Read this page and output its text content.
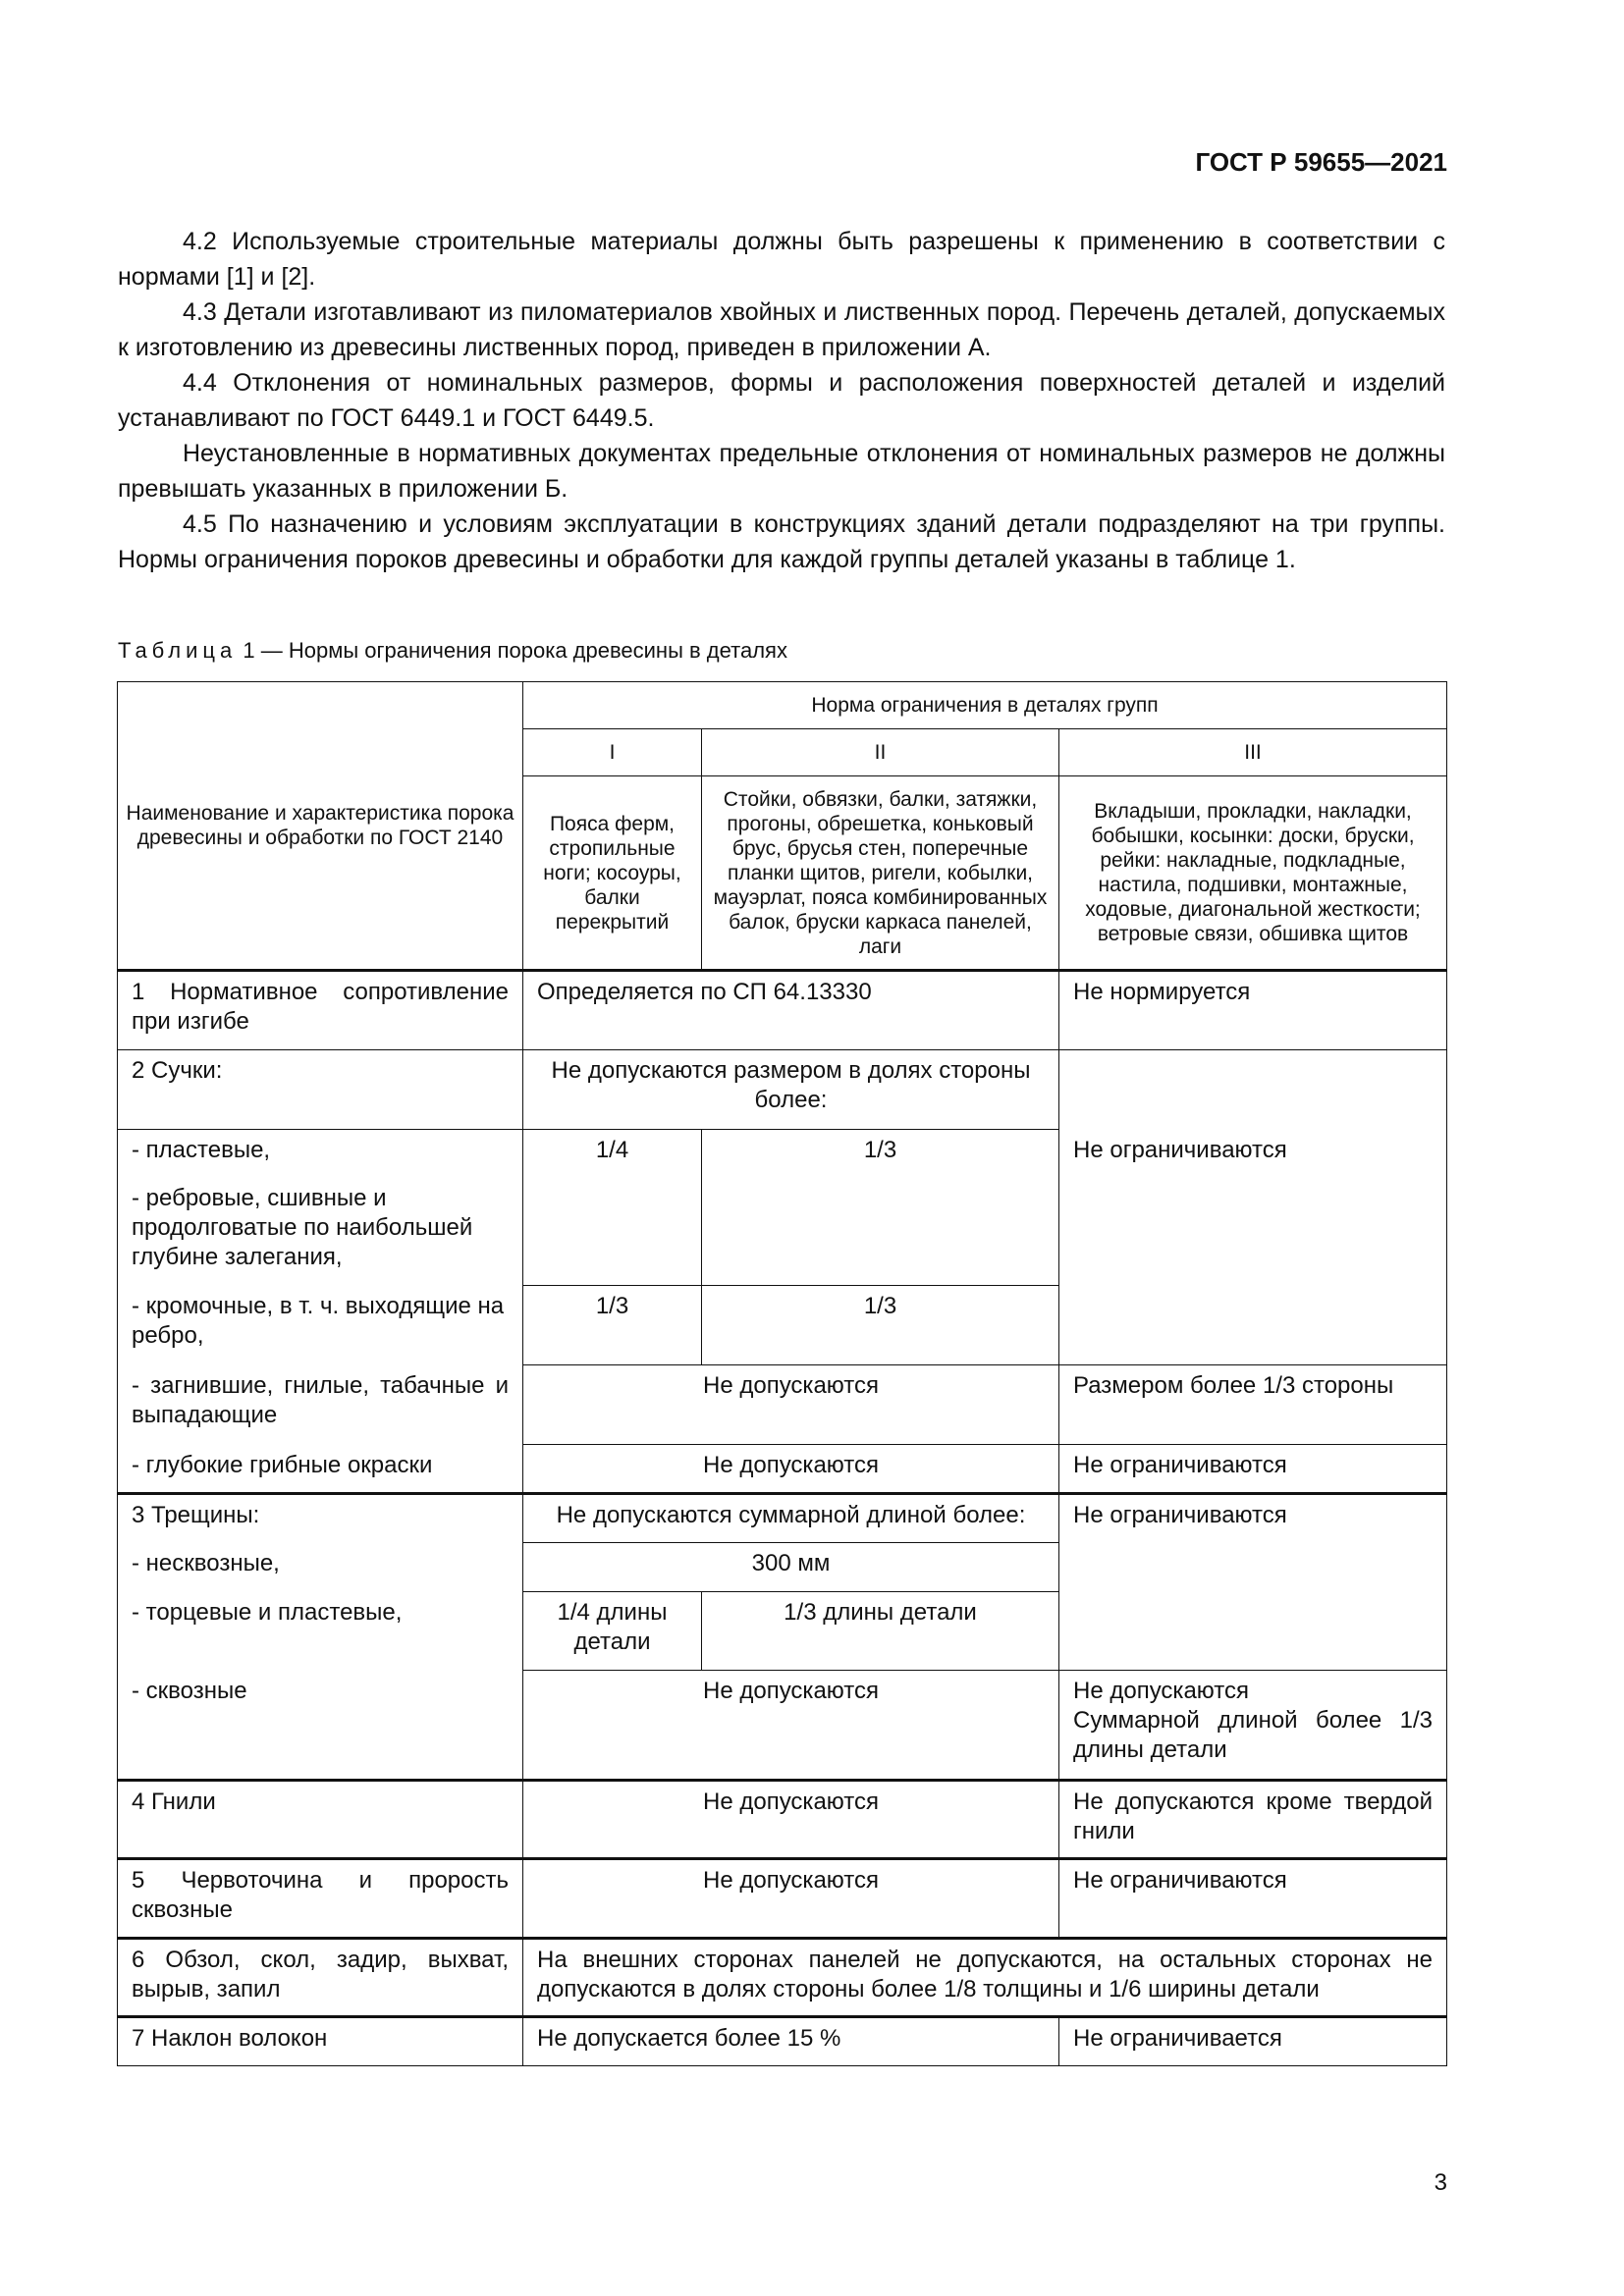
ГОСТ Р 59655—2021

4.2 Используемые строительные материалы должны быть разрешены к применению в соответствии с нормами [1] и [2].

4.3 Детали изготавливают из пиломатериалов хвойных и лиственных пород. Перечень деталей, допускаемых к изготовлению из древесины лиственных пород, приведен в приложении А.

4.4 Отклонения от номинальных размеров, формы и расположения поверхностей деталей и изделий устанавливают по ГОСТ 6449.1 и ГОСТ 6449.5.

Неустановленные в нормативных документах предельные отклонения от номинальных размеров не должны превышать указанных в приложении Б.

4.5 По назначению и условиям эксплуатации в конструкциях зданий детали подразделяют на три группы. Нормы ограничения пороков древесины и обработки для каждой группы деталей указаны в таблице 1.

Таблица 1 — Нормы ограничения порока древесины в деталях
Наименование и характеристика порока древесины и обработки по ГОСТ 2140	Норма ограничения в деталях групп		
	I	II	III
	Пояса ферм, стропильные ноги; косоуры, балки перекрытий	Стойки, обвязки, балки, затяжки, прогоны, обрешетка, коньковый брус, брусья стен, поперечные планки щитов, ригели, кобылки, мауэрлат, пояса комбинированных балок, бруски каркаса панелей, лаги	Вкладыши, прокладки, накладки, бобышки, косынки: доски, бруски, рейки: накладные, подкладные, настила, подшивки, монтажные, ходовые, диагональной жесткости; ветровые связи, обшивка щитов
1 Нормативное сопротивление при изгибе	Определяется по СП 64.13330		Не нормируется
2 Сучки:	Не допускаются размером в долях стороны более:		Не ограничиваются
- пластевые,	1/4	1/3	
- ребровые, сшивные и продолговатые по наибольшей глубине залегания,			
- кромочные, в т. ч. выходящие на ребро,	1/3	1/3	
- загнившие, гнилые, табачные и выпадающие	Не допускаются		Размером более 1/3 стороны
- глубокие грибные окраски	Не допускаются		Не ограничиваются
3 Трещины:	Не допускаются суммарной длиной более:		Не ограничиваются
- несквозные,	300 мм		
- торцевые и пластевые,	1/4 длины детали	1/3 длины детали	
- сквозные	Не допускаются		Не допускаются
Суммарной длиной более 1/3 длины детали

4 Гнили	Не допускаются		Не допускаются кроме твердой гнили
5 Червоточина и прорость сквозные	Не допускаются		Не ограничиваются
6 Обзол, скол, задир, выхват, вырыв, запил	На внешних сторонах панелей не допускаются, на остальных сторонах не допускаются в долях стороны более 1/8 толщины и 1/6 ширины детали		
7 Наклон волокон	Не допускается более 15 %		Не ограничивается
3
